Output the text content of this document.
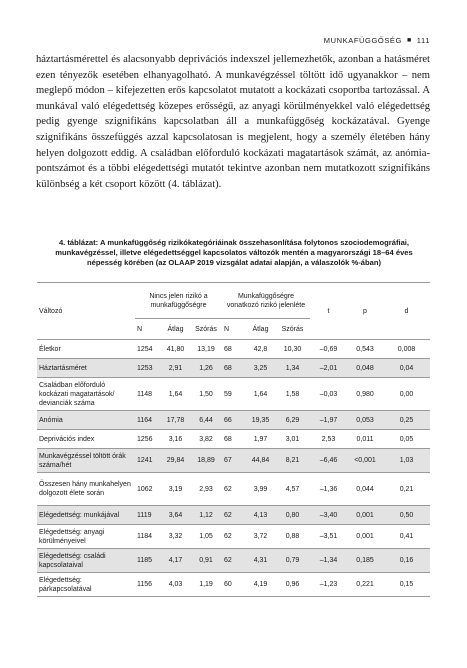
MUNKAFÜGGŐSÉG ■ 111

háztartásmérettel és alacsonyabb deprivációs indexszel jellemezhetők, azonban a hatásméret ezen tényezők esetében elhanyagolható. A munkavégzéssel töltött idő ugyanakkor – nem meglepő módon – kifejezetten erős kapcsolatot mutatott a kockázati csoportba tartozással. A munkával való elégedettség közepes erősségű, az anyagi körülményekkel való elégedettség pedig gyenge szignifikáns kapcsolatban áll a munkafüggőség kockázatával. Gyenge szignifikáns összefüggés azzal kapcsolatosan is megjelent, hogy a személy életében hány helyen dolgozott eddig. A családban előforduló kockázati magatartások számát, az anómia-pontszámot és a többi elégedettségi mutatót tekintve azonban nem mutatkozott szignifikáns különbség a két csoport között (4. táblázat).

4. táblázat: A munkafüggőség rizikókategóriáinak összehasonlítása folytonos szociodemográfiai, munkavégzéssel, illetve elégedettséggel kapcsolatos változók mentén a magyarországi 18–64 éves népesség körében (az OLAAP 2019 vizsgálat adatai alapján, a válaszolók %-ában)

Változó	Nincs jelen rizikó a munkafüggőségre			Munkafüggőségre vonatkozó rizikó jelenléte			t	p	d
	N	Átlag	Szórás	N	Átlag	Szórás			
Életkor	1254	41,80	13,19	68	42,8	10,30	–0,69	0,543	0,008
Háztartásméret	1253	2,91	1,26	68	3,25	1,34	–2,01	0,048	0,04
Családban előforduló kockázati magatartások/ devianciák száma	1148	1,64	1,50	59	1,64	1,58	–0,03	0,980	0,00
Anómia	1164	17,78	6,44	66	19,35	6,29	–1,97	0,053	0,25
Deprivációs index	1256	3,16	3,82	68	1,97	3,01	2,53	0,011	0,05
Munkavégzéssel töltött órák száma/hét	1241	29,84	18,89	67	44,84	8,21	–6,46	<0,001	1,03
Összesen hány munkahelyen dolgozott élete során	1062	3,19	2,93	62	3,99	4,57	–1,36	0,044	0,21
Elégedettség: munkájával	1119	3,64	1,12	62	4,13	0,80	–3,40	0,001	0,50
Elégedettség: anyagi körülményeivel	1184	3,32	1,05	62	3,72	0,88	–3,51	0,001	0,41
Elégedettség: családi kapcsolataival	1185	4,17	0,91	62	4,31	0,79	–1,34	0,185	0,16
Elégedettség: párkapcsolatával	1156	4,03	1,19	60	4,19	0,96	–1,23	0,221	0,15
